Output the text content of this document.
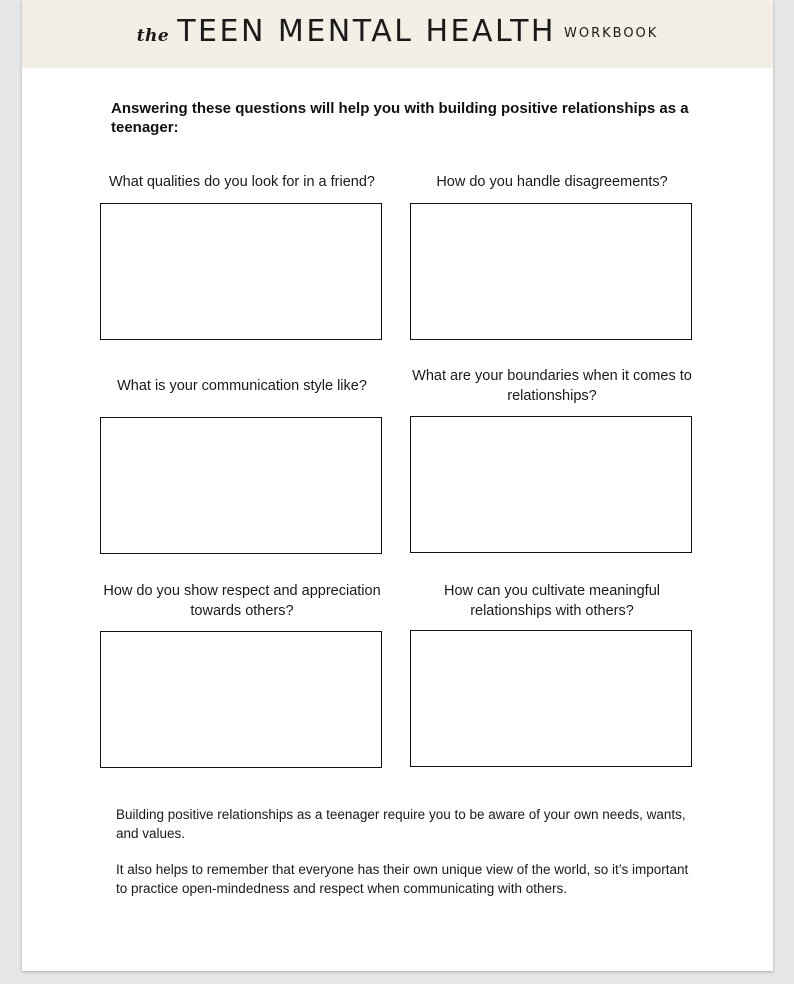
the TEEN MENTAL HEALTH $^{WORKBOOK}$
Answering these questions will help you with building positive relationships as a teenager:
What qualities do you look for in a friend?	How do you handle disagreements?
What is your communication style like?
What are your boundaries when it comes to relationships?
How do you show respect and appreciation towards others?
How can you cultivate meaningful relationships with others?
Building positive relationships as a teenager require you to be aware of your own needs, wants, and values.
It also helps to remember that everyone has their own unique view of the world, so it’s important to practice open-mindedness and respect when communicating with others.
